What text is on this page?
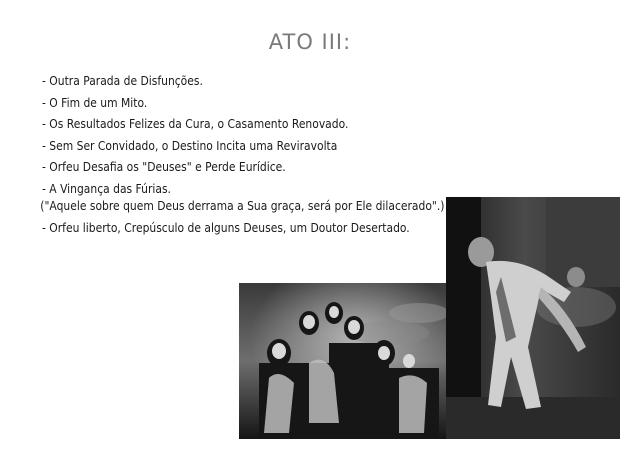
ATO III:
- Outra Parada de Disfunções.
- O Fim de um Mito.
- Os Resultados Felizes da Cura, o Casamento Renovado.
- Sem Ser Convidado, o Destino Incita uma Reviravolta
- Orfeu Desafia os "Deuses" e Perde Eurídice.
- A Vingança das Fúrias.
("Aquele sobre quem Deus derrama a Sua graça, será por Ele dilacerado".)
- Orfeu liberto, Crepúsculo de alguns Deuses, um Doutor Desertado.
